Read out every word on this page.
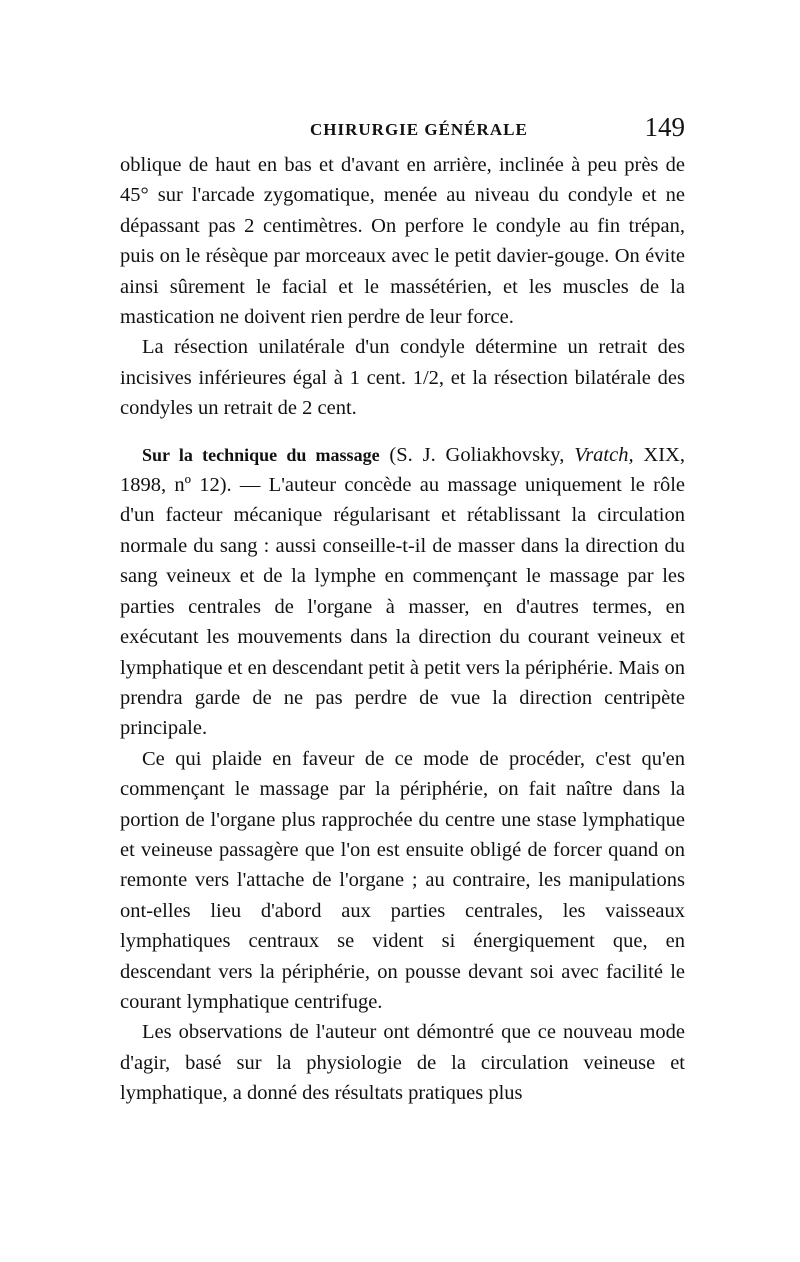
CHIRURGIE GÉNÉRALE	149

oblique de haut en bas et d'avant en arrière, inclinée à peu près de 45° sur l'arcade zygomatique, menée au niveau du condyle et ne dépassant pas 2 centimètres. On perfore le condyle au fin trépan, puis on le résèque par morceaux avec le petit davier-gouge. On évite ainsi sûrement le facial et le massétérien, et les muscles de la mastication ne doivent rien perdre de leur force.

La résection unilatérale d'un condyle détermine un retrait des incisives inférieures égal à 1 cent. 1/2, et la résection bilatérale des condyles un retrait de 2 cent.

Sur la technique du massage (S. J. Goliakhovsky, Vratch, XIX, 1898, nº 12). — L'auteur concède au massage uniquement le rôle d'un facteur mécanique régularisant et rétablissant la circulation normale du sang : aussi conseille-t-il de masser dans la direction du sang veineux et de la lymphe en commençant le massage par les parties centrales de l'organe à masser, en d'autres termes, en exécutant les mouvements dans la direction du courant veineux et lymphatique et en descendant petit à petit vers la périphérie. Mais on prendra garde de ne pas perdre de vue la direction centripète principale.

Ce qui plaide en faveur de ce mode de procéder, c'est qu'en commençant le massage par la périphérie, on fait naître dans la portion de l'organe plus rapprochée du centre une stase lymphatique et veineuse passagère que l'on est ensuite obligé de forcer quand on remonte vers l'attache de l'organe ; au contraire, les manipulations ont-elles lieu d'abord aux parties centrales, les vaisseaux lymphatiques centraux se vident si énergiquement que, en descendant vers la périphérie, on pousse devant soi avec facilité le courant lymphatique centrifuge.

Les observations de l'auteur ont démontré que ce nouveau mode d'agir, basé sur la physiologie de la circulation veineuse et lymphatique, a donné des résultats pratiques plus
